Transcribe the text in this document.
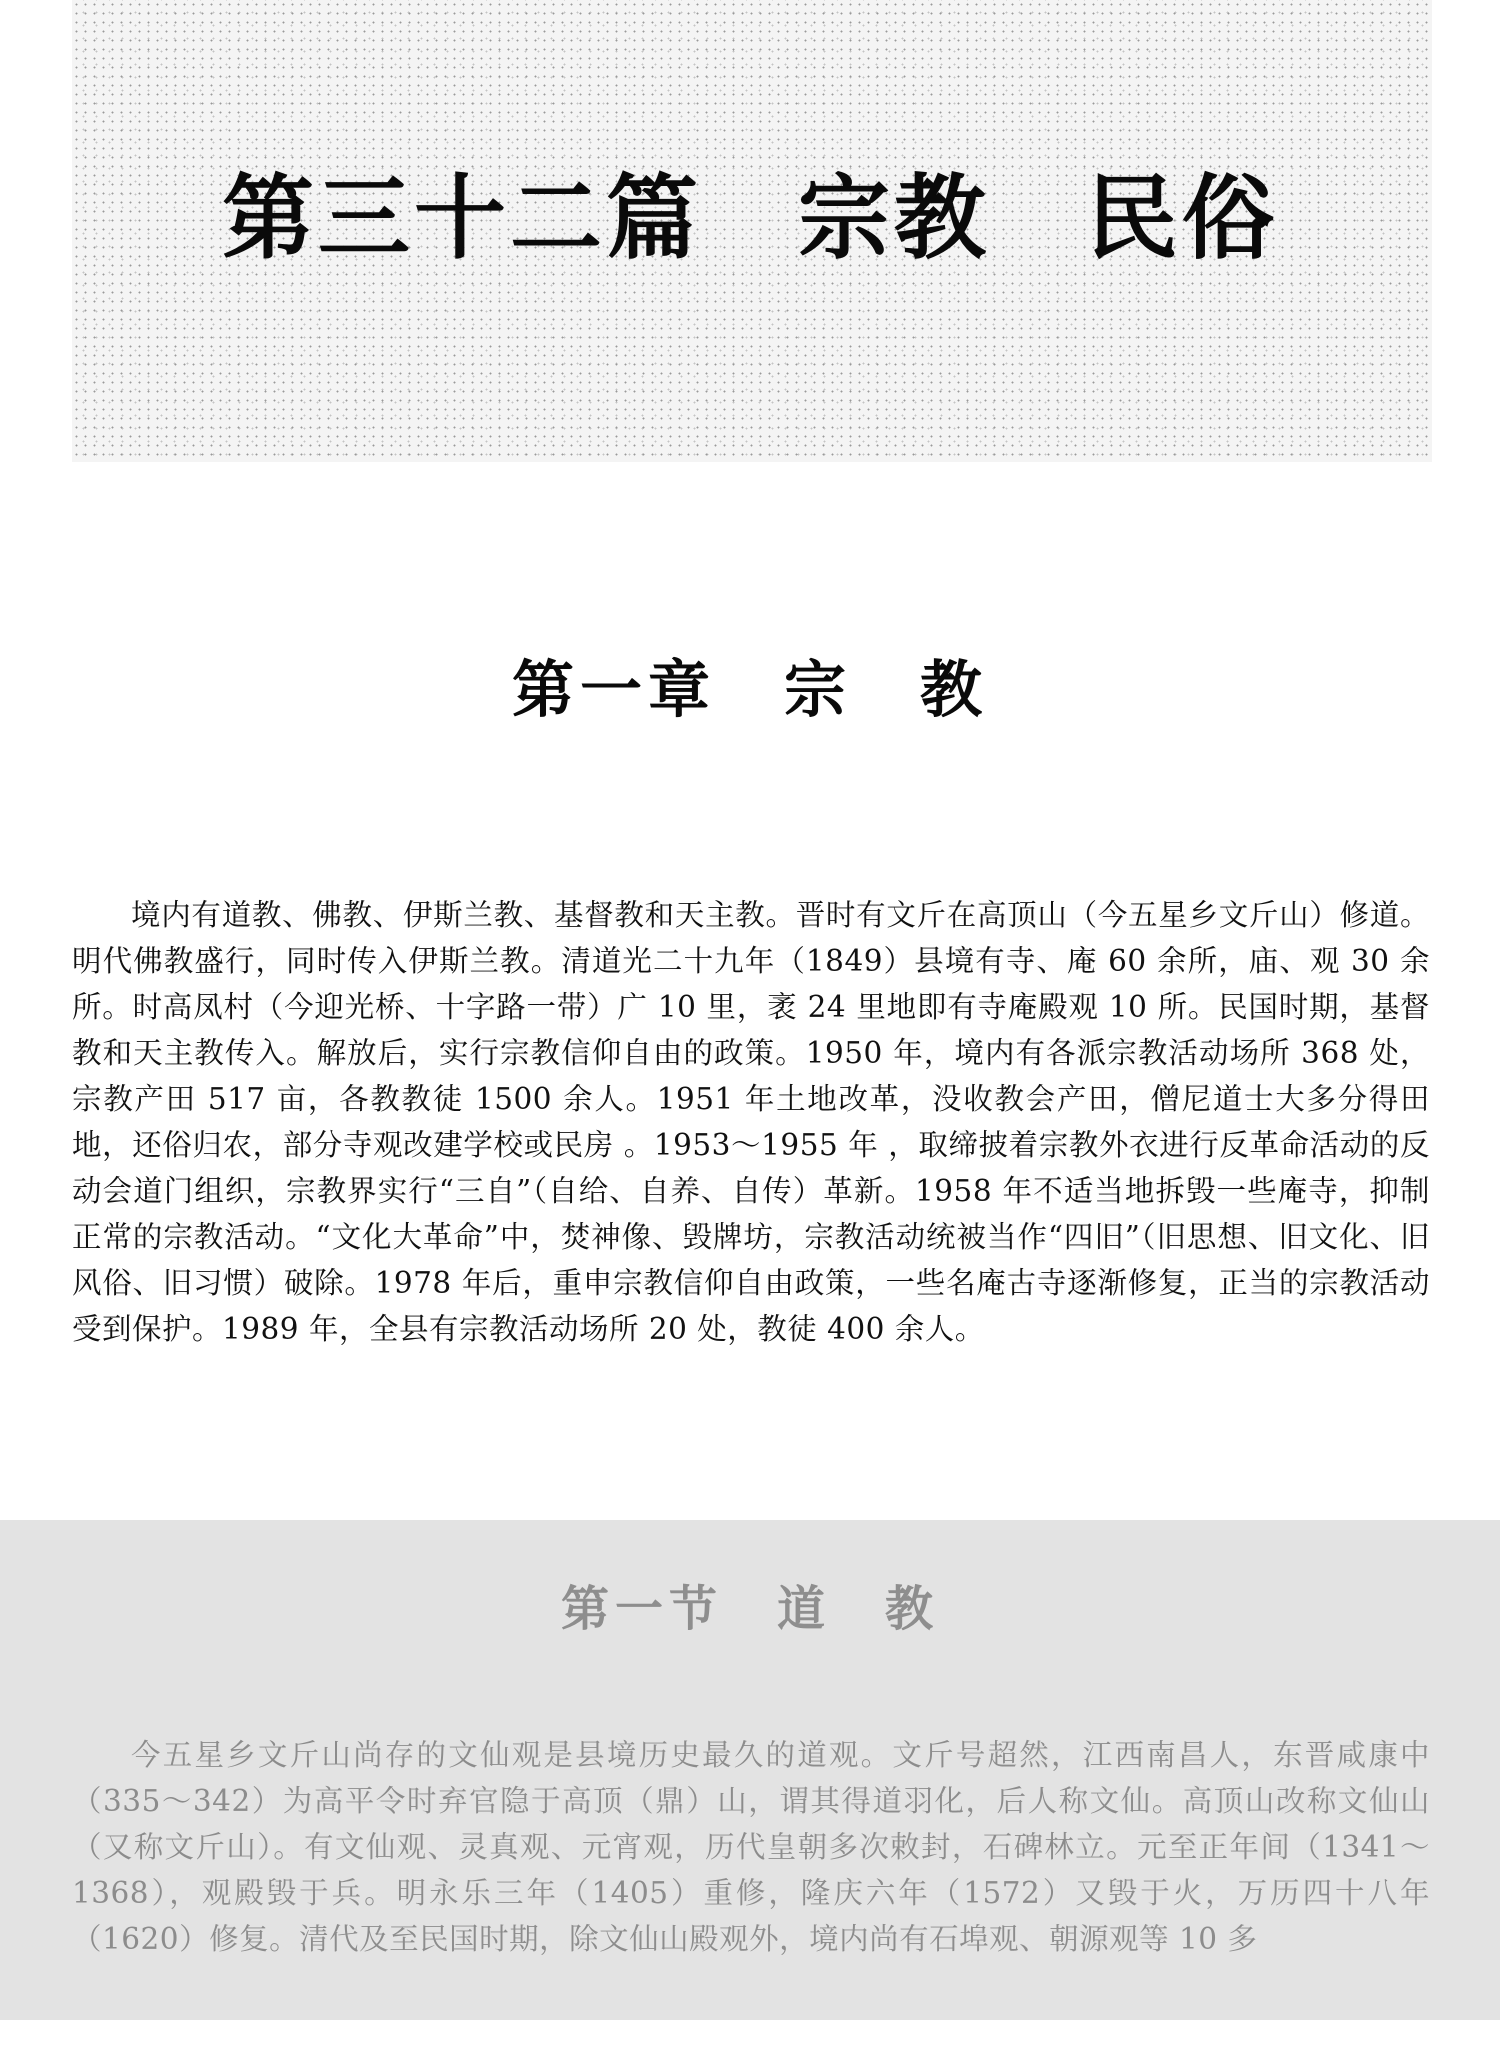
第三十二篇　宗教　民俗
第一章　宗　教

境内有道教、佛教、伊斯兰教、基督教和天主教。晋时有文斤在高顶山（今五星乡文斤山）修道。明代佛教盛行，同时传入伊斯兰教。清道光二十九年（1849）县境有寺、庵 60 余所，庙、观 30 余所。时高凤村（今迎光桥、十字路一带）广 10 里，袤 24 里地即有寺庵殿观 10 所。民国时期，基督教和天主教传入。解放后，实行宗教信仰自由的政策。1950 年，境内有各派宗教活动场所 368 处，宗教产田 517 亩，各教教徒 1500 余人。1951 年土地改革，没收教会产田，僧尼道士大多分得田地，还俗归农，部分寺观改建学校或民房 。1953～1955 年 ，取缔披着宗教外衣进行反革命活动的反动会道门组织，宗教界实行“三自”（自给、自养、自传）革新。1958 年不适当地拆毁一些庵寺，抑制正常的宗教活动。“文化大革命”中，焚神像、毁牌坊，宗教活动统被当作“四旧”（旧思想、旧文化、旧风俗、旧习惯）破除。1978 年后，重申宗教信仰自由政策，一些名庵古寺逐渐修复，正当的宗教活动受到保护。1989 年，全县有宗教活动场所 20 处，教徒 400 余人。

第一节　道　教

今五星乡文斤山尚存的文仙观是县境历史最久的道观。文斤号超然，江西南昌人，东晋咸康中（335～342）为高平令时弃官隐于高顶（鼎）山，谓其得道羽化，后人称文仙。高顶山改称文仙山（又称文斤山）。有文仙观、灵真观、元宵观，历代皇朝多次敕封，石碑林立。元至正年间（1341～1368），观殿毁于兵。明永乐三年（1405）重修，隆庆六年（1572）又毁于火，万历四十八年（1620）修复。清代及至民国时期，除文仙山殿观外，境内尚有石埠观、朝源观等 10 多
